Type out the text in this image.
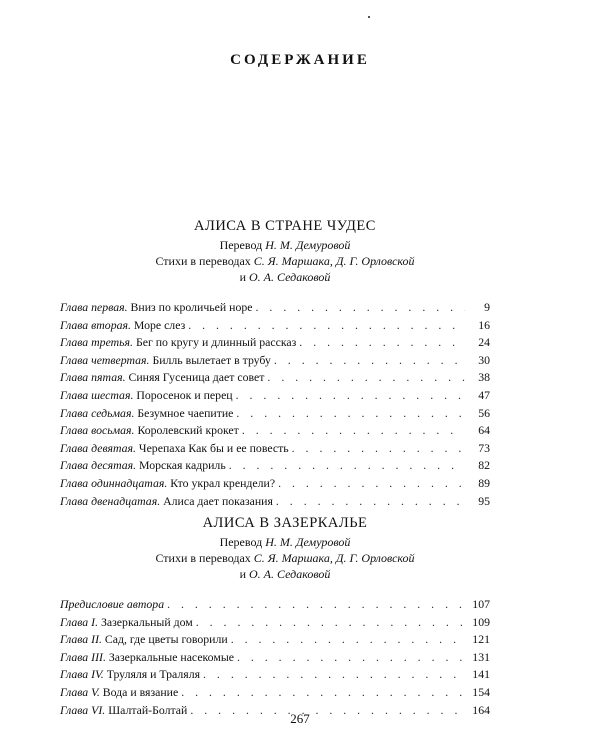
СОДЕРЖАНИЕ
АЛИСА В СТРАНЕ ЧУДЕС
Перевод Н. М. Демуровой
Стихи в переводах С. Я. Маршака, Д. Г. Орловской
и О. А. Седаковой
Глава первая. Вниз по кроличьей норе . . .	9
Глава вторая. Море слез . . .	16
Глава третья. Бег по кругу и длинный рассказ . . .	24
Глава четвертая. Билль вылетает в трубу . . .	30
Глава пятая. Синяя Гусеница дает совет . . .	38
Глава шестая. Поросенок и перец . . .	47
Глава седьмая. Безумное чаепитие . . .	56
Глава восьмая. Королевский крокет . . .	64
Глава девятая. Черепаха Как бы и ее повесть . . .	73
Глава десятая. Морская кадриль . . .	82
Глава одиннадцатая. Кто украл крендели? . . .	89
Глава двенадцатая. Алиса дает показания . . .	95
АЛИСА В ЗАЗЕРКАЛЬЕ
Перевод Н. М. Демуровой
Стихи в переводах С. Я. Маршака, Д. Г. Орловской
и О. А. Седаковой
Предисловие автора . . .	107
Глава I. Зазеркальный дом . . .	109
Глава II. Сад, где цветы говорили . . .	121
Глава III. Зазеркальные насекомые . . .	131
Глава IV. Труляля и Траляля . . .	141
Глава V. Вода и вязание . . .	154
Глава VI. Шалтай-Болтай . . .	164
267
